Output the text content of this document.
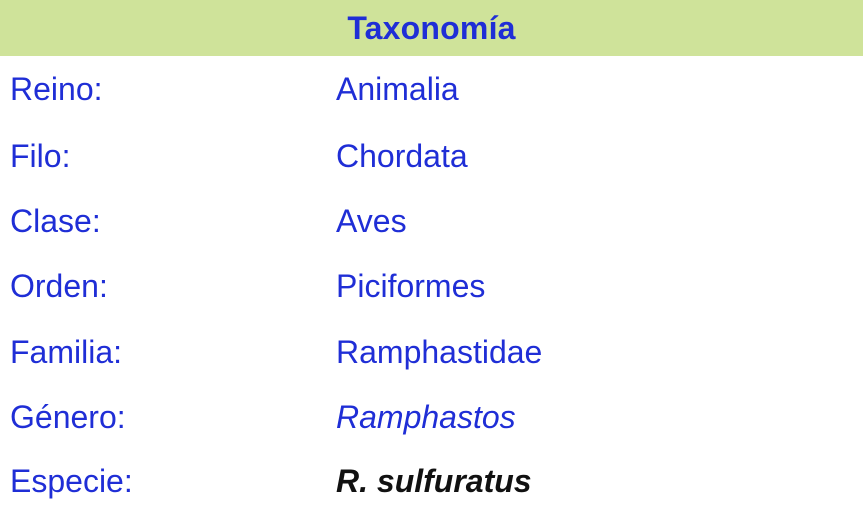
Taxonomía
Reino:	Animalia
Filo:	Chordata
Clase:	Aves
Orden:	Piciformes
Familia:	Ramphastidae
Género:	Ramphastos
Especie:	R. sulfuratus
